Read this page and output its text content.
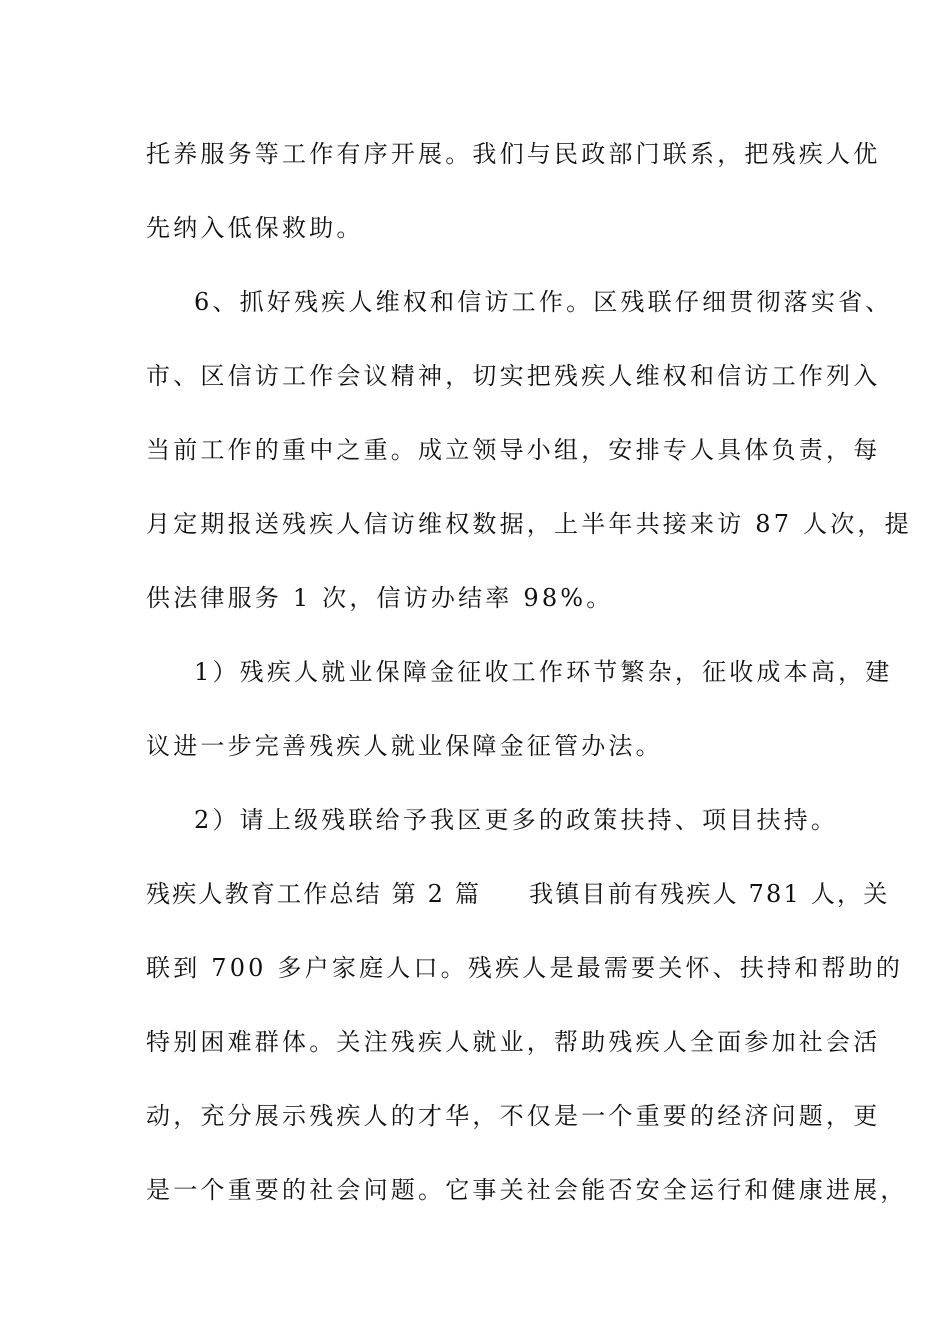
托养服务等工作有序开展。我们与民政部门联系，把残疾人优
先纳入低保救助。
6、抓好残疾人维权和信访工作。区残联仔细贯彻落实省、
市、区信访工作会议精神，切实把残疾人维权和信访工作列入
当前工作的重中之重。成立领导小组，安排专人具体负责，每
月定期报送残疾人信访维权数据，上半年共接来访 87 人次，提
供法律服务 1 次，信访办结率 98%。
1）残疾人就业保障金征收工作环节繁杂，征收成本高，建
议进一步完善残疾人就业保障金征管办法。
2）请上级残联给予我区更多的政策扶持、项目扶持。
残疾人教育工作总结 第 2 篇 我镇目前有残疾人 781 人，关
联到 700 多户家庭人口。残疾人是最需要关怀、扶持和帮助的
特别困难群体。关注残疾人就业，帮助残疾人全面参加社会活
动，充分展示残疾人的才华，不仅是一个重要的经济问题，更
是一个重要的社会问题。它事关社会能否安全运行和健康进展，
